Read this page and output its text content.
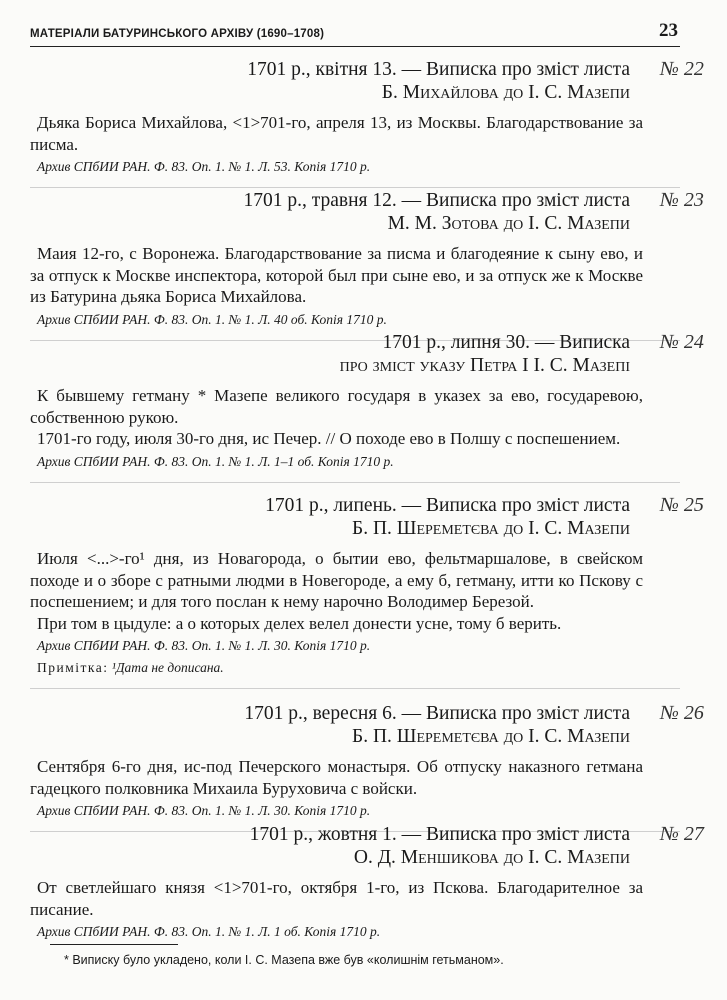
МАТЕРІАЛИ БАТУРИНСЬКОГО АРХІВУ (1690–1708)	23
1701 р., квітня 13. — Виписка про зміст листа
Б. Михайлова до І. С. Мазепи
№ 22

Дьяка Бориса Михайлова, <1>701-го, апреля 13, из Москвы. Благодарствование за писма.

Архив СПбИИ РАН. Ф. 83. Оп. 1. № 1. Л. 53. Копія 1710 р.
1701 р., травня 12. — Виписка про зміст листа
М. М. Зотова до І. С. Мазепи
№ 23

Маия 12-го, с Воронежа. Благодарствование за писма и благодеяние к сыну ево, и за отпуск к Москве инспектора, которой был при сыне ево, и за отпуск же к Москве из Батурина дьяка Бориса Михайлова.

Архив СПбИИ РАН. Ф. 83. Оп. 1. № 1. Л. 40 об. Копія 1710 р.
1701 р., липня 30. — Виписка
про зміст указу Петра I І. С. Мазепі
№ 24

К бывшему гетману * Мазепе великого государя в указех за ево, государевою, собственною рукою.

1701-го году, июля 30-го дня, ис Печер. // О походе ево в Полшу с поспешением.

Архив СПбИИ РАН. Ф. 83. Оп. 1. № 1. Л. 1–1 об. Копія 1710 р.
1701 р., липень. — Виписка про зміст листа
Б. П. Шереметєва до І. С. Мазепи
№ 25

Июля <...>-го¹ дня, из Новагорода, о бытии ево, фельтмаршалове, в свейском походе и о зборе с ратными людми в Новегороде, а ему б, гетману, итти ко Пскову с поспешением; и для того послан к нему нарочно Володимер Березой.

При том в цыдуле: а о которых делех велел донести усне, тому б верить.

Архив СПбИИ РАН. Ф. 83. Оп. 1. № 1. Л. 30. Копія 1710 р.
Примітка: ¹Дата не дописана.
1701 р., вересня 6. — Виписка про зміст листа
Б. П. Шереметєва до І. С. Мазепи
№ 26

Сентября 6-го дня, ис-под Печерского монастыря. Об отпуску наказного гетмана гадецкого полковника Михаила Буруховича с войски.

Архив СПбИИ РАН. Ф. 83. Оп. 1. № 1. Л. 30. Копія 1710 р.
1701 р., жовтня 1. — Виписка про зміст листа
О. Д. Меншикова до І. С. Мазепи
№ 27

От светлейшаго князя <1>701-го, октября 1-го, из Пскова. Благодарителное за писание.

Архив СПбИИ РАН. Ф. 83. Оп. 1. № 1. Л. 1 об. Копія 1710 р.
* Виписку було укладено, коли І. С. Мазепа вже був «колишнім гетьманом».
